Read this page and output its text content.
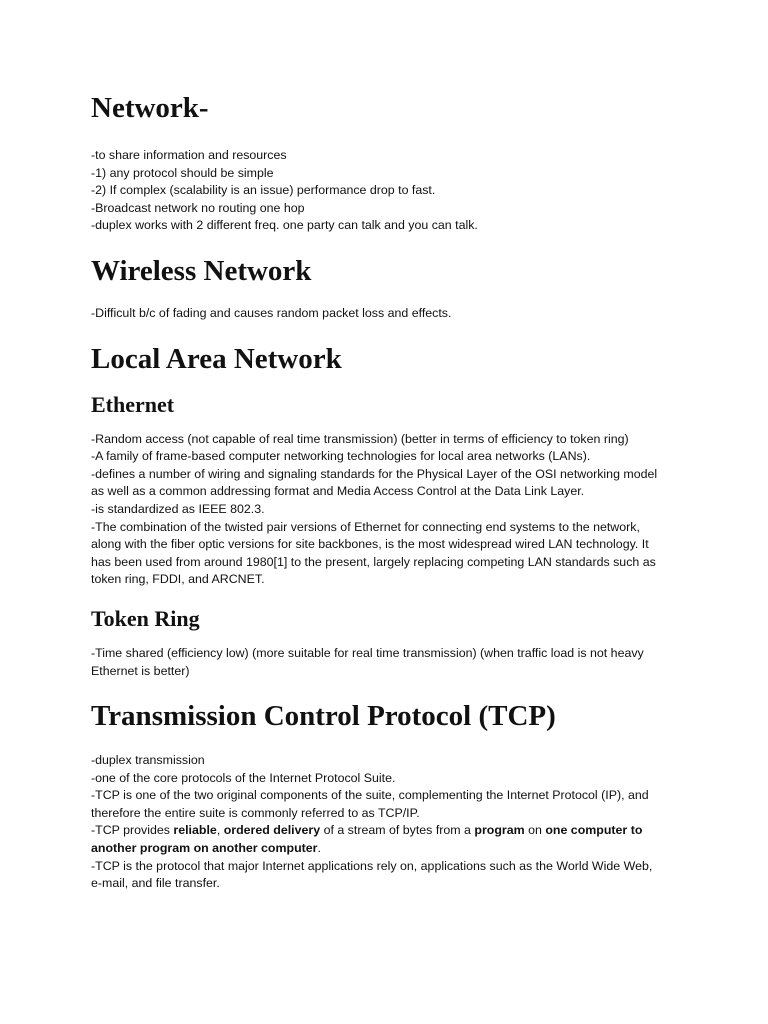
Network-

-to share information and resources

-1) any protocol should be simple

-2) If complex (scalability is an issue) performance drop to fast.

-Broadcast network no routing one hop

-duplex works with 2 different freq. one party can talk and you can talk.

Wireless Network

-Difficult b/c of fading and causes random packet loss and effects.

Local Area Network
Ethernet

-Random access (not capable of real time transmission) (better in terms of efficiency to token ring)

-A family of frame-based computer networking technologies for local area networks (LANs).

-defines a number of wiring and signaling standards for the Physical Layer of the OSI networking model

as well as a common addressing format and Media Access Control at the Data Link Layer.

-is standardized as IEEE 802.3.

-The combination of the twisted pair versions of Ethernet for connecting end systems to the network,

along with the fiber optic versions for site backbones, is the most widespread wired LAN technology. It

has been used from around 1980[1] to the present, largely replacing competing LAN standards such as

token ring, FDDI, and ARCNET.

Token Ring

-Time shared (efficiency low) (more suitable for real time transmission) (when traffic load is not heavy

Ethernet is better)

Transmission Control Protocol (TCP)

-duplex transmission

-one of the core protocols of the Internet Protocol Suite.

-TCP is one of the two original components of the suite, complementing the Internet Protocol (IP), and

therefore the entire suite is commonly referred to as TCP/IP.

-TCP provides reliable, ordered delivery of a stream of bytes from a program on one computer to another program on another computer.

-TCP is the protocol that major Internet applications rely on, applications such as the World Wide Web,

e-mail, and file transfer.
